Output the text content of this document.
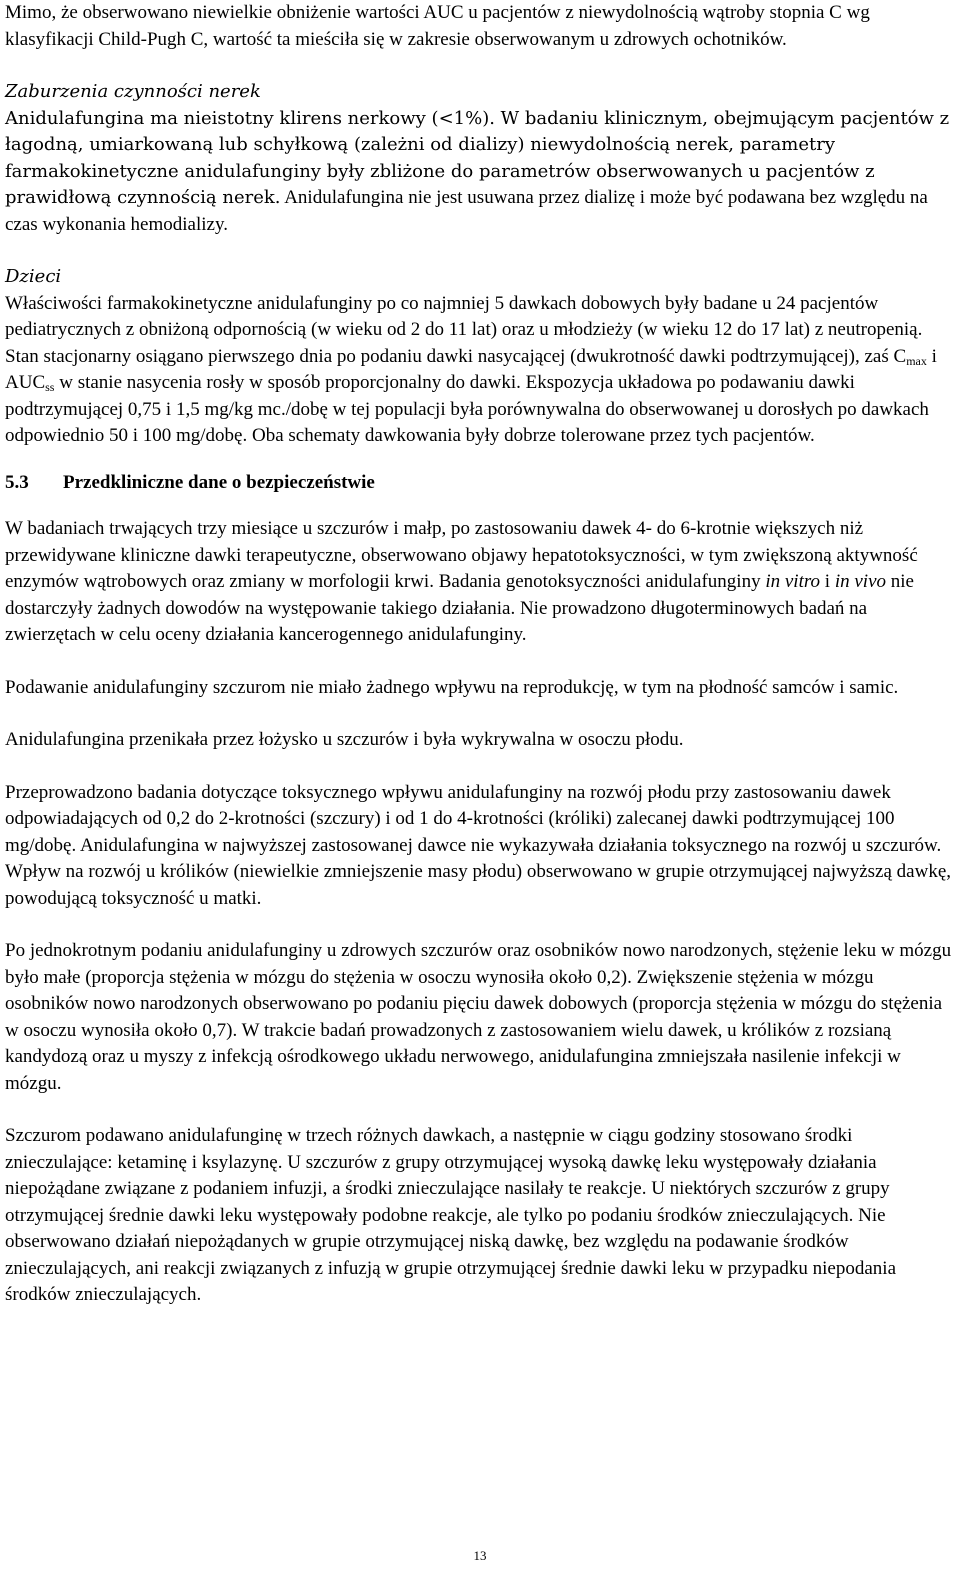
Mimo, że obserwowano niewielkie obniżenie wartości AUC u pacjentów z niewydolnością wątroby stopnia C wg klasyfikacji Child-Pugh C, wartość ta mieściła się w zakresie obserwowanym u zdrowych ochotników.

Zaburzenia czynności nerek

Anidulafungina ma nieistotny klirens nerkowy (<1%). W badaniu klinicznym, obejmującym pacjentów z łagodną, umiarkowaną lub schyłkową (zależni od dializy) niewydolnością nerek, parametry farmakokinetyczne anidulafunginy były zbliżone do parametrów obserwowanych u pacjentów z prawidłową czynnością nerek. Anidulafungina nie jest usuwana przez dializę i może być podawana bez względu na czas wykonania hemodializy.

Dzieci

Właściwości farmakokinetyczne anidulafunginy po co najmniej 5 dawkach dobowych były badane u 24 pacjentów pediatrycznych z obniżoną odpornością (w wieku od 2 do 11 lat) oraz u młodzieży (w wieku 12 do 17 lat) z neutropenią. Stan stacjonarny osiągano pierwszego dnia po podaniu dawki nasycającej (dwukrotność dawki podtrzymującej), zaś $C_{max}$ i $AUC_{ss}$ w stanie nasycenia rosły w sposób proporcjonalny do dawki. Ekspozycja układowa po podawaniu dawki podtrzymującej 0,75 i 1,5 mg/kg mc./dobę w tej populacji była porównywalna do obserwowanej u dorosłych po dawkach odpowiednio 50 i 100 mg/dobę. Oba schematy dawkowania były dobrze tolerowane przez tych pacjentów.

5.3 Przedkliniczne dane o bezpieczeństwie

W badaniach trwających trzy miesiące u szczurów i małp, po zastosowaniu dawek 4- do 6-krotnie większych niż przewidywane kliniczne dawki terapeutyczne, obserwowano objawy hepatotoksyczności, w tym zwiększoną aktywność enzymów wątrobowych oraz zmiany w morfologii krwi. Badania genotoksyczności anidulafunginy in vitro i in vivo nie dostarczyły żadnych dowodów na występowanie takiego działania. Nie prowadzono długoterminowych badań na zwierzętach w celu oceny działania kancerogennego anidulafunginy.

Podawanie anidulafunginy szczurom nie miało żadnego wpływu na reprodukcję, w tym na płodność samców i samic.

Anidulafungina przenikała przez łożysko u szczurów i była wykrywalna w osoczu płodu.

Przeprowadzono badania dotyczące toksycznego wpływu anidulafunginy na rozwój płodu przy zastosowaniu dawek odpowiadających od 0,2 do 2-krotności (szczury) i od 1 do 4-krotności (króliki) zalecanej dawki podtrzymującej 100 mg/dobę. Anidulafungina w najwyższej zastosowanej dawce nie wykazywała działania toksycznego na rozwój u szczurów. Wpływ na rozwój u królików (niewielkie zmniejszenie masy płodu) obserwowano w grupie otrzymującej najwyższą dawkę, powodującą toksyczność u matki.

Po jednokrotnym podaniu anidulafunginy u zdrowych szczurów oraz osobników nowo narodzonych, stężenie leku w mózgu było małe (proporcja stężenia w mózgu do stężenia w osoczu wynosiła około 0,2). Zwiększenie stężenia w mózgu osobników nowo narodzonych obserwowano po podaniu pięciu dawek dobowych (proporcja stężenia w mózgu do stężenia w osoczu wynosiła około 0,7). W trakcie badań prowadzonych z zastosowaniem wielu dawek, u królików z rozsianą kandydozą oraz u myszy z infekcją ośrodkowego układu nerwowego, anidulafungina zmniejszała nasilenie infekcji w mózgu.

Szczurom podawano anidulafunginę w trzech różnych dawkach, a następnie w ciągu godziny stosowano środki znieczulające: ketaminę i ksylazynę. U szczurów z grupy otrzymującej wysoką dawkę leku występowały działania niepożądane związane z podaniem infuzji, a środki znieczulające nasilały te reakcje. U niektórych szczurów z grupy otrzymującej średnie dawki leku występowały podobne reakcje, ale tylko po podaniu środków znieczulających. Nie obserwowano działań niepożądanych w grupie otrzymującej niską dawkę, bez względu na podawanie środków znieczulających, ani reakcji związanych z infuzją w grupie otrzymującej średnie dawki leku w przypadku niepodania środków znieczulających.

13
